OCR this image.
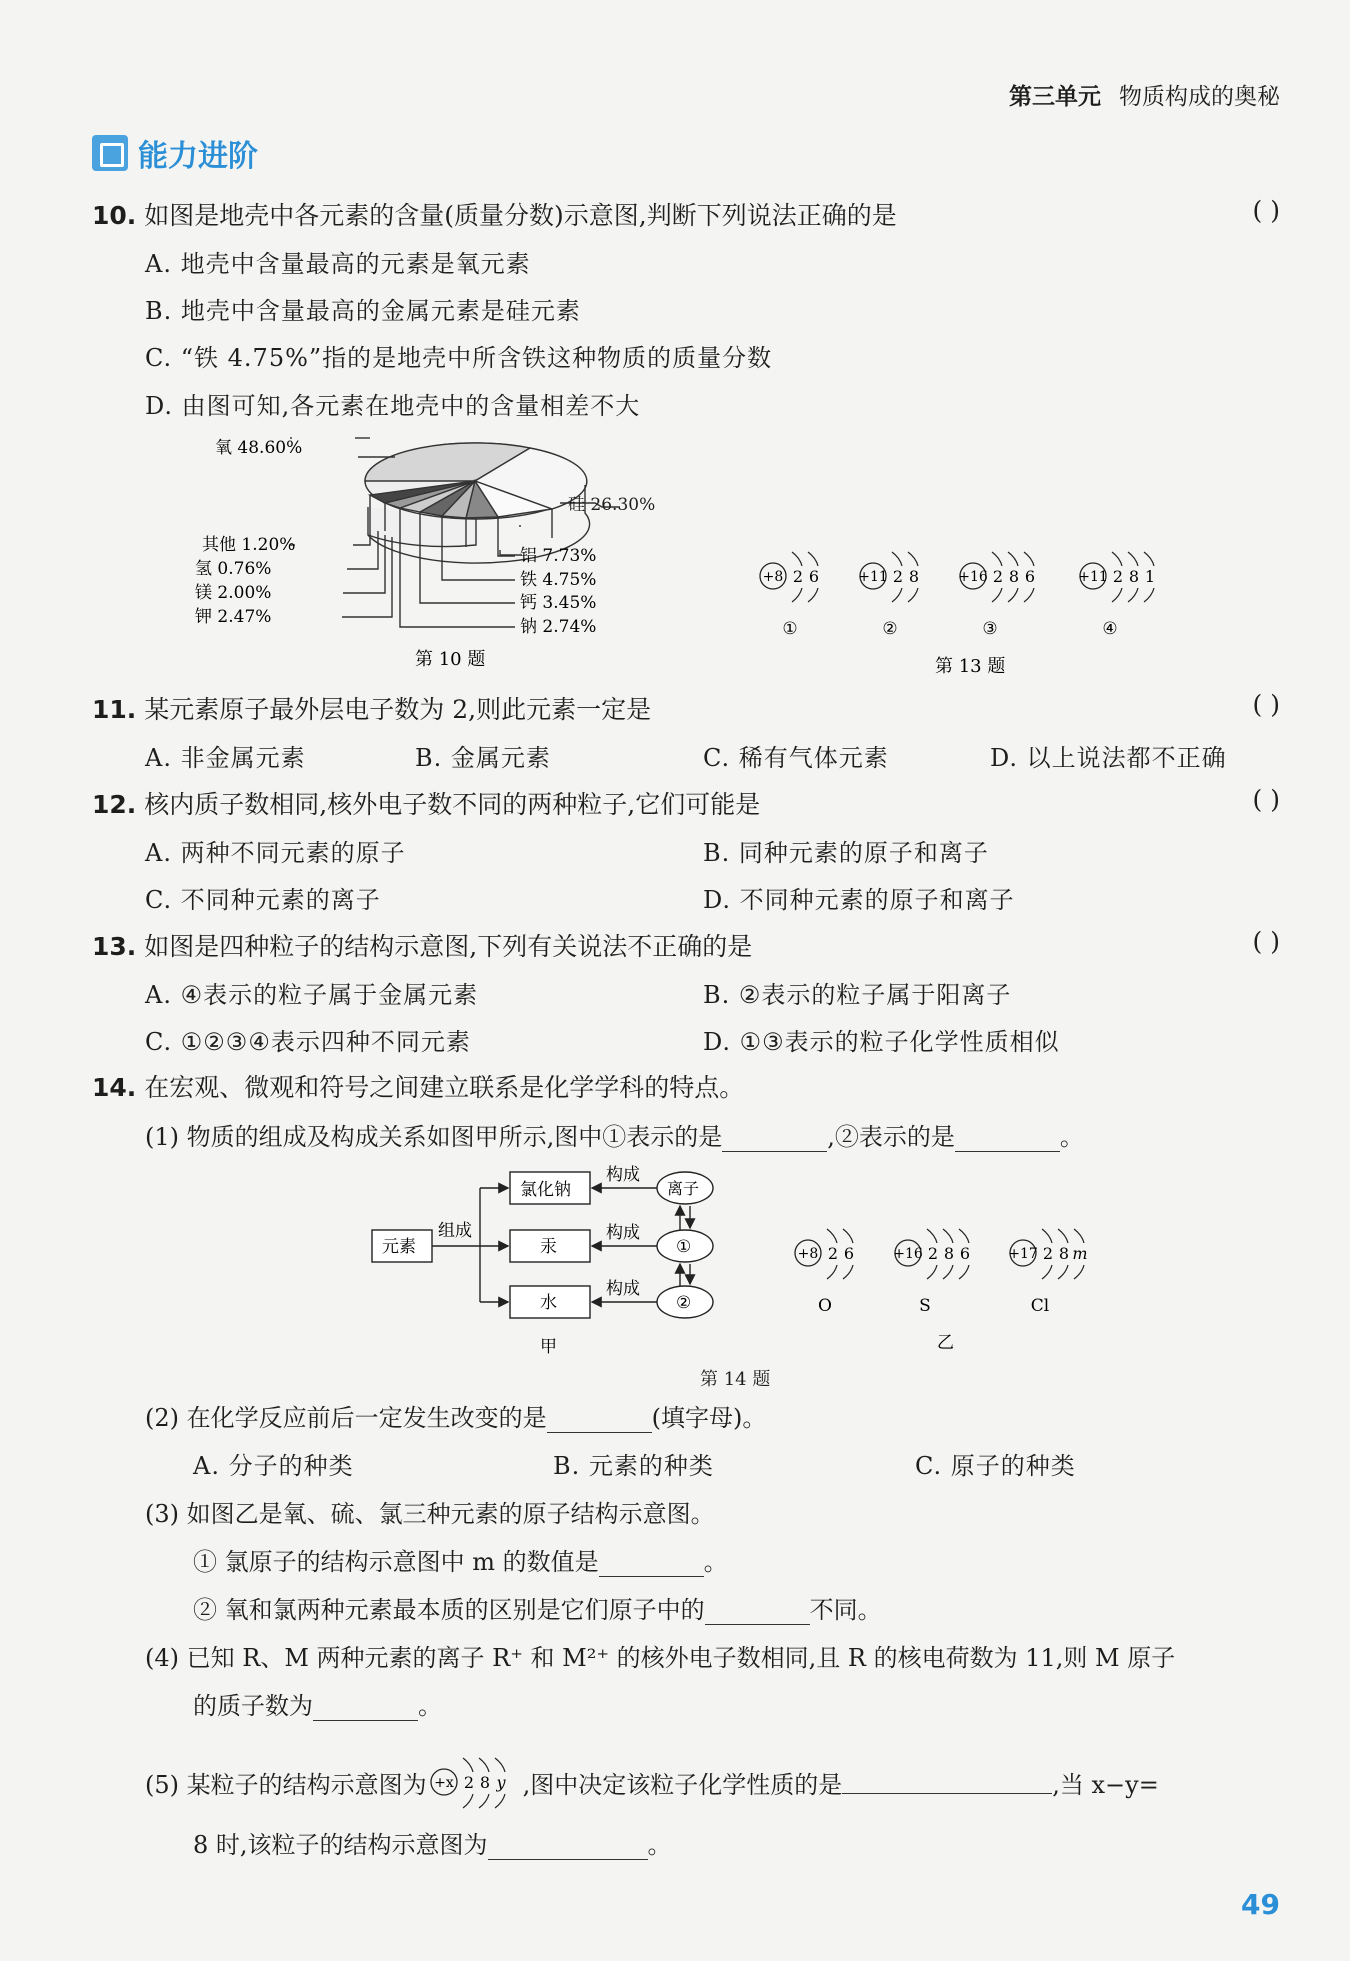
第三单元 物质构成的奥秘
能力进阶
10. 如图是地壳中各元素的含量(质量分数)示意图,判断下列说法正确的是	( )
A. 地壳中含量最高的元素是氧元素
B. 地壳中含量最高的金属元素是硅元素
C. “铁 4.75%”指的是地壳中所含铁这种物质的质量分数
D. 由图可知,各元素在地壳中的含量相差不大
氧 48.60%
其他 1.20%
氢 0.76%
镁 2.00%
钾 2.47%
铝 7.73%
铁 4.75%
钙 3.45%
钠 2.74%
第 10 题
硅 26.30%
+8 2 6
①
+11 2 8
②
+16 2 8 6
③
+11 2 8 1
④
第 13 题
11. 某元素原子最外层电子数为 2,则此元素一定是	( )
A. 非金属元素	B. 金属元素	C. 稀有气体元素	D. 以上说法都不正确
12. 核内质子数相同,核外电子数不同的两种粒子,它们可能是	( )
A. 两种不同元素的原子	B. 同种元素的原子和离子
C. 不同种元素的离子	D. 不同种元素的原子和离子
13. 如图是四种粒子的结构示意图,下列有关说法不正确的是	( )
A. ④表示的粒子属于金属元素	B. ②表示的粒子属于阳离子
C. ①②③④表示四种不同元素	D. ①③表示的粒子化学性质相似
14. 在宏观、微观和符号之间建立联系是化学学科的特点。
(1) 物质的组成及构成关系如图甲所示,图中①表示的是	,②表示的是	。
元素
组成
氯化钠
汞
水
构成
构成
构成
离子
①
②
甲
+8 2 6
O
+16 2 8 6
S
+17 2 8 m
Cl
乙
第 14 题
(2) 在化学反应前后一定发生改变的是	(填字母)。
A. 分子的种类	B. 元素的种类	C. 原子的种类
(3) 如图乙是氧、硫、氯三种元素的原子结构示意图。
① 氯原子的结构示意图中 m 的数值是	。
② 氧和氯两种元素最本质的区别是它们原子中的	不同。
(4) 已知 R、M 两种元素的离子 R⁺ 和 M²⁺ 的核外电子数相同,且 R 的核电荷数为 11,则 M 原子
的质子数为	。
(5) 某粒子的结构示意图为 +x 2 8 y ,图中决定该粒子化学性质的是	,当 x−y=
8 时,该粒子的结构示意图为	。
49
